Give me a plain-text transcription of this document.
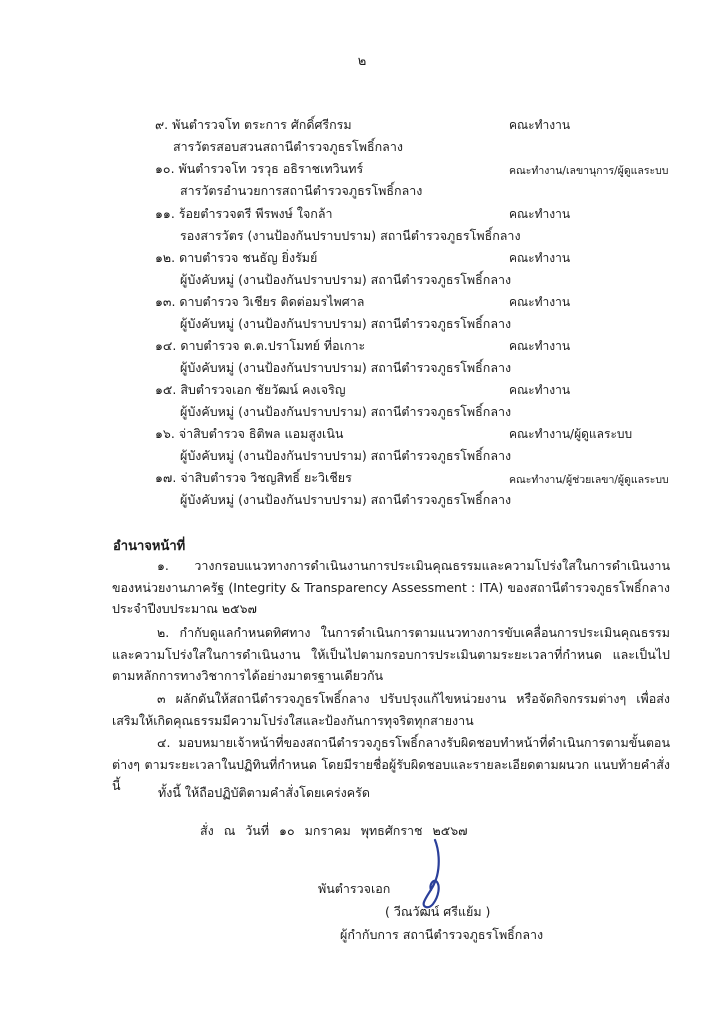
๒
๙. พันตำรวจโท ตระการ ศักดิ์ศรีกรม	คณะทำงาน
สารวัตรสอบสวนสถานีตำรวจภูธรโพธิ์กลาง
๑๐. พันตำรวจโท วรวุธ อธิราชเทวินทร์	คณะทำงาน/เลขานุการ/ผู้ดูแลระบบ
สารวัตรอำนวยการสถานีตำรวจภูธรโพธิ์กลาง
๑๑. ร้อยตำรวจตรี พีรพงษ์ ใจกล้า	คณะทำงาน
รองสารวัตร (งานป้องกันปราบปราม) สถานีตำรวจภูธรโพธิ์กลาง
๑๒. ดาบตำรวจ ชนธัญ ยิ่งรัมย์	คณะทำงาน
ผู้บังคับหมู่ (งานป้องกันปราบปราม) สถานีตำรวจภูธรโพธิ์กลาง
๑๓. ดาบตำรวจ วิเชียร ติดต่อมรไพศาล	คณะทำงาน
ผู้บังคับหมู่ (งานป้องกันปราบปราม) สถานีตำรวจภูธรโพธิ์กลาง
๑๔. ดาบตำรวจ ต.ต.ปราโมทย์ ที่อเกาะ	คณะทำงาน
ผู้บังคับหมู่ (งานป้องกันปราบปราม) สถานีตำรวจภูธรโพธิ์กลาง
๑๕. สิบตำรวจเอก ชัยวัฒน์ คงเจริญ	คณะทำงาน
ผู้บังคับหมู่ (งานป้องกันปราบปราม) สถานีตำรวจภูธรโพธิ์กลาง
๑๖. จ่าสิบตำรวจ ธิติพล แอมสูงเนิน	คณะทำงาน/ผู้ดูแลระบบ
ผู้บังคับหมู่ (งานป้องกันปราบปราม) สถานีตำรวจภูธรโพธิ์กลาง
๑๗. จ่าสิบตำรวจ วิชญสิทธิ์ ยะวิเชียร	คณะทำงาน/ผู้ช่วยเลขา/ผู้ดูแลระบบ
ผู้บังคับหมู่ (งานป้องกันปราบปราม) สถานีตำรวจภูธรโพธิ์กลาง
อำนาจหน้าที่
๑. วางกรอบแนวทางการดำเนินงานการประเมินคุณธรรมและความโปร่งใสในการดำเนินงานของหน่วยงานภาครัฐ (Integrity & Transparency Assessment : ITA) ของสถานีตำรวจภูธรโพธิ์กลาง ประจำปีงบประมาณ ๒๕๖๗
๒. กำกับดูแลกำหนดทิศทาง ในการดำเนินการตามแนวทางการขับเคลื่อนการประเมินคุณธรรมและความโปร่งใสในการดำเนินงาน ให้เป็นไปตามกรอบการประเมินตามระยะเวลาที่กำหนด และเป็นไปตามหลักการทางวิชาการได้อย่างมาตรฐานเดียวกัน
๓ ผลักดันให้สถานีตำรวจภูธรโพธิ์กลาง ปรับปรุงแก้ไขหน่วยงาน หรือจัดกิจกรรมต่างๆ เพื่อส่งเสริมให้เกิดคุณธรรมมีความโปร่งใสและป้องกันการทุจริตทุกสายงาน
๔. มอบหมายเจ้าหน้าที่ของสถานีตำรวจภูธรโพธิ์กลางรับผิดชอบทำหน้าที่ดำเนินการตามขั้นตอนต่างๆ ตามระยะเวลาในปฏิทินที่กำหนด โดยมีรายชื่อผู้รับผิดชอบและรายละเอียดตามผนวก แนบท้ายคำสั่งนี้	ทั้งนี้ ให้ถือปฏิบัติตามคำสั่งโดยเคร่งครัด
สั่ง ณ วันที่ ๑๐ มกราคม พุทธศักราช ๒๕๖๗
พันตำรวจเอก
( วีณวัฒน์ ศรีแย้ม )
ผู้กำกับการ สถานีตำรวจภูธรโพธิ์กลาง
